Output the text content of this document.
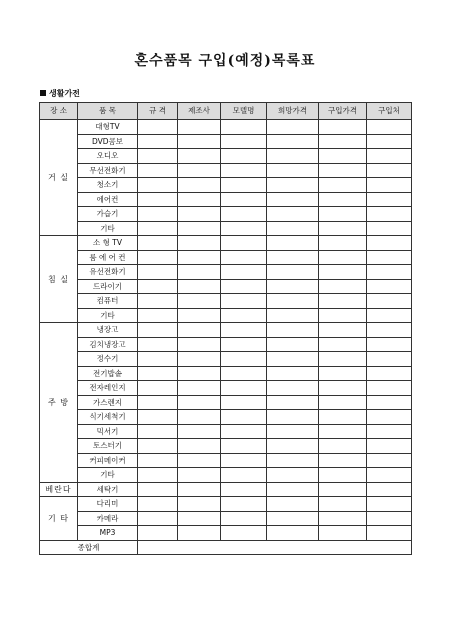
혼수품목 구입(예정)목록표
생활가전
장 소	품 목	규 격	제조사	모델명	희망가격	구입가격	구입처
거 실	대형TV						
	DVD콤보						
	오디오						
	무선전화기						
	청소기						
	에어컨						
	가습기						
	기타						
침 실	소 형 TV						
	룸 에 어 컨						
	유선전화기						
	드라이기						
	컴퓨터						
	기타						
주 방	냉장고						
	김치냉장고						
	정수기						
	전기밥솥						
	전자레인지						
	가스렌지						
	식기세척기						
	믹서기						
	토스터기						
	커피메이커						
	기타						
베란다	세탁기						
기 타	다리미						
	카메라						
	MP3						
종합계							
